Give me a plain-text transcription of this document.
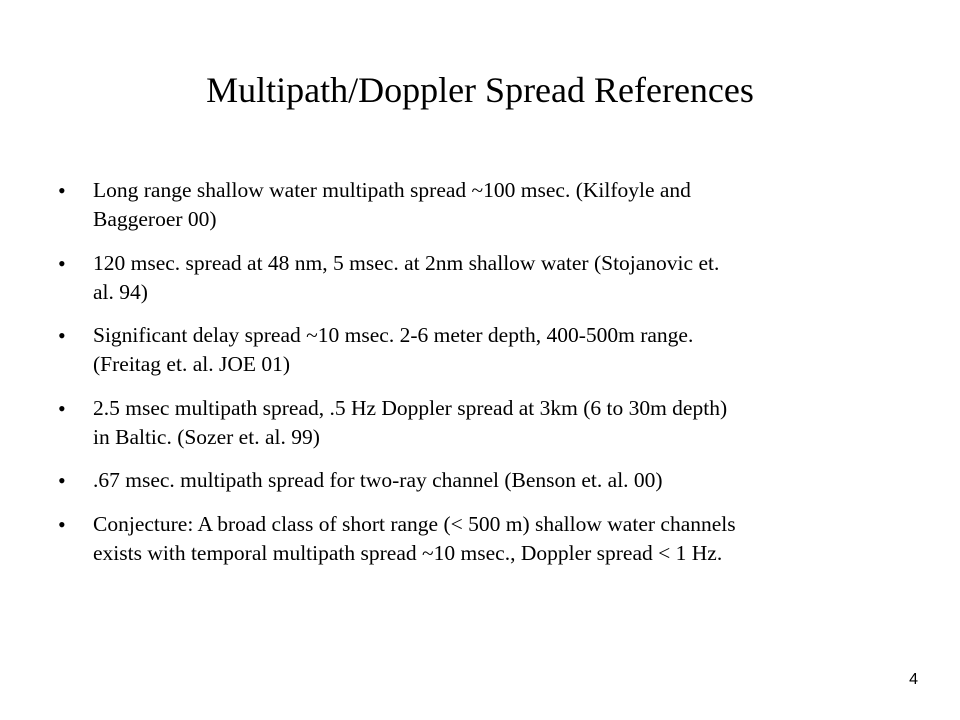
Multipath/Doppler Spread References
• Long range shallow water multipath spread ~100 msec. (Kilfoyle and
Baggeroer 00)
• 120 msec. spread at 48 nm, 5 msec. at 2nm shallow water (Stojanovic et.
al. 94)
• Significant delay spread ~10 msec. 2-6 meter depth, 400-500m range.
(Freitag et. al. JOE 01)
• 2.5 msec multipath spread, .5 Hz Doppler spread at 3km (6 to 30m depth)
in Baltic. (Sozer et. al. 99)
• .67 msec. multipath spread for two-ray channel (Benson et. al. 00)
• Conjecture: A broad class of short range (< 500 m) shallow water channels
exists with temporal multipath spread ~10 msec., Doppler spread < 1 Hz.
4
